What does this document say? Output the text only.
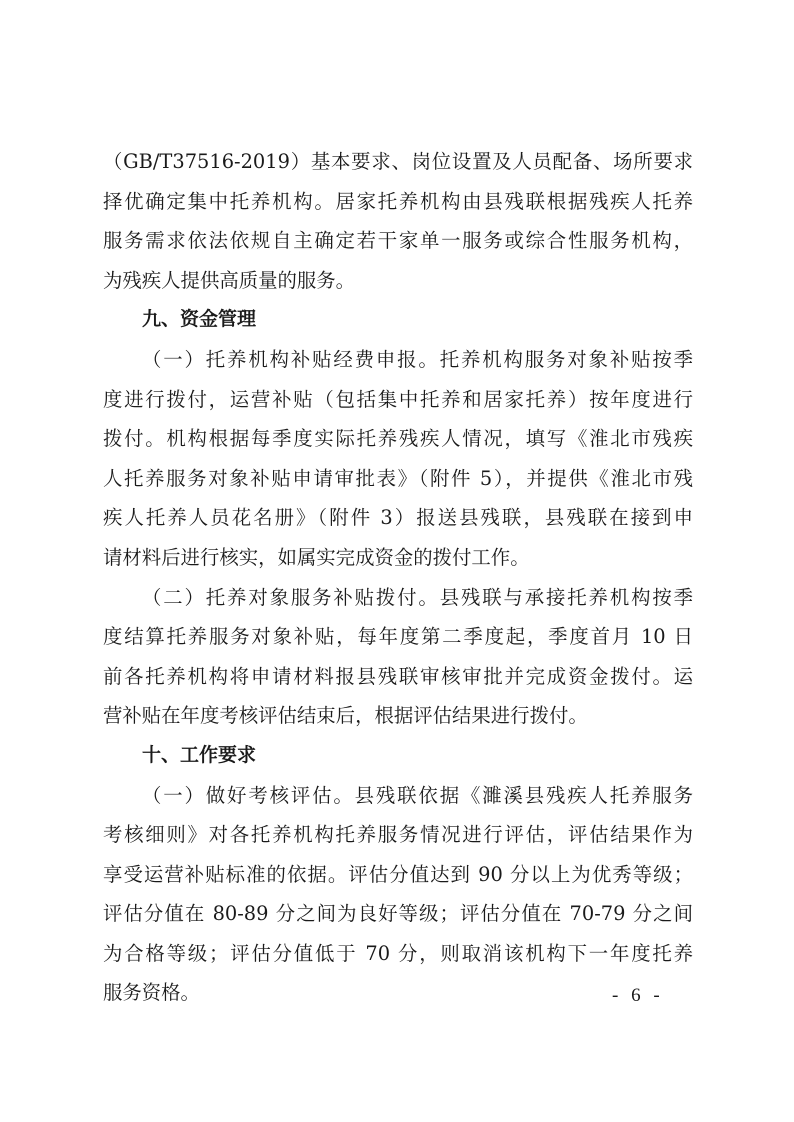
（GB/T37516-2019）基本要求、岗位设置及人员配备、场所要求
择优确定集中托养机构。居家托养机构由县残联根据残疾人托养
服务需求依法依规自主确定若干家单一服务或综合性服务机构，
为残疾人提供高质量的服务。
九、资金管理
（一）托养机构补贴经费申报。托养机构服务对象补贴按季
度进行拨付，运营补贴（包括集中托养和居家托养）按年度进行
拨付。机构根据每季度实际托养残疾人情况，填写《淮北市残疾
人托养服务对象补贴申请审批表》（附件 5），并提供《淮北市残
疾人托养人员花名册》（附件 3）报送县残联，县残联在接到申
请材料后进行核实，如属实完成资金的拨付工作。
（二）托养对象服务补贴拨付。县残联与承接托养机构按季
度结算托养服务对象补贴，每年度第二季度起，季度首月 10 日
前各托养机构将申请材料报县残联审核审批并完成资金拨付。运
营补贴在年度考核评估结束后，根据评估结果进行拨付。
十、工作要求
（一）做好考核评估。县残联依据《濉溪县残疾人托养服务
考核细则》对各托养机构托养服务情况进行评估，评估结果作为
享受运营补贴标准的依据。评估分值达到 90 分以上为优秀等级；
评估分值在 80-89 分之间为良好等级；评估分值在 70-79 分之间
为合格等级；评估分值低于 70 分，则取消该机构下一年度托养
服务资格。	- 6 -
